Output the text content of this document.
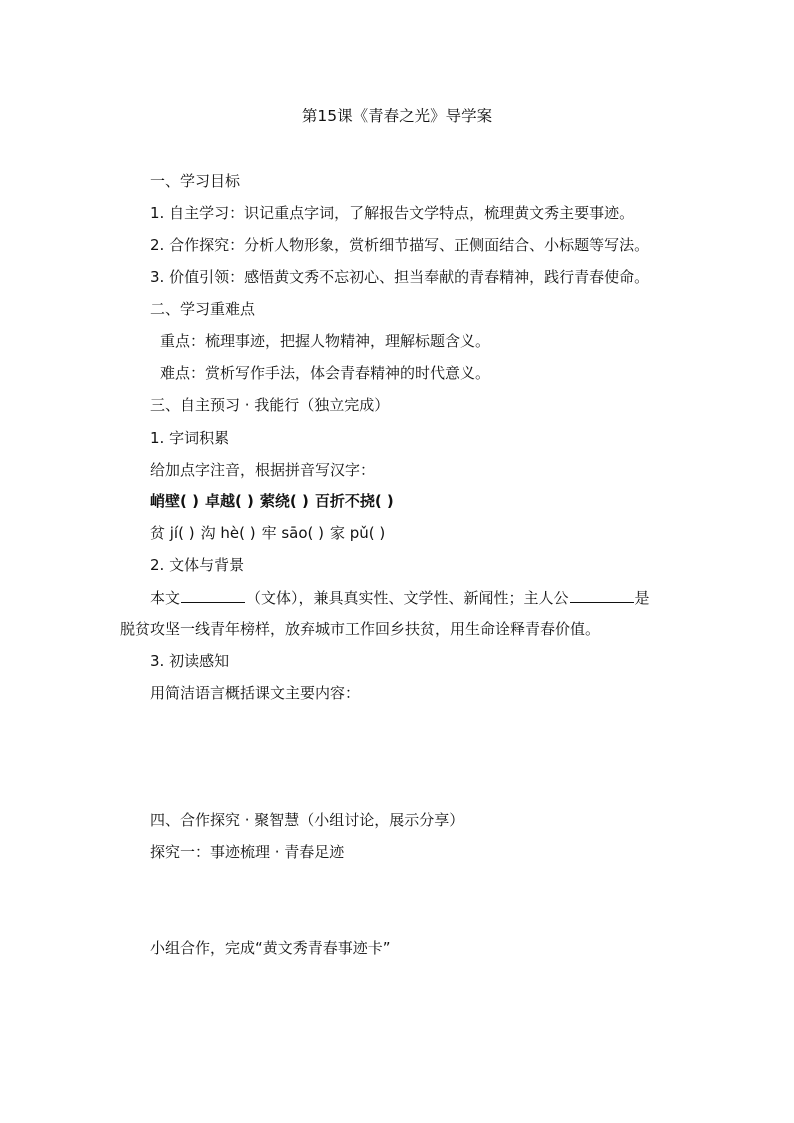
第15课《青春之光》导学案
一、学习目标
1. 自主学习：识记重点字词，了解报告文学特点，梳理黄文秀主要事迹。
2. 合作探究：分析人物形象，赏析细节描写、正侧面结合、小标题等写法。
3. 价值引领：感悟黄文秀不忘初心、担当奉献的青春精神，践行青春使命。
二、学习重难点
重点：梳理事迹，把握人物精神，理解标题含义。
难点：赏析写作手法，体会青春精神的时代意义。
三、自主预习 · 我能行（独立完成）
1. 字词积累
给加点字注音，根据拼音写汉字：
峭壁( ) 卓越( ) 萦绕( ) 百折不挠( )
贫 jí( ) 沟 hè( ) 牢 sāo( ) 家 pǔ( )
2. 文体与背景
本文	（文体），兼具真实性、文学性、新闻性；主人公	是
脱贫攻坚一线青年榜样，放弃城市工作回乡扶贫，用生命诠释青春价值。
3. 初读感知
用简洁语言概括课文主要内容：
四、合作探究 · 聚智慧（小组讨论，展示分享）
探究一：事迹梳理 · 青春足迹
小组合作，完成“黄文秀青春事迹卡”
